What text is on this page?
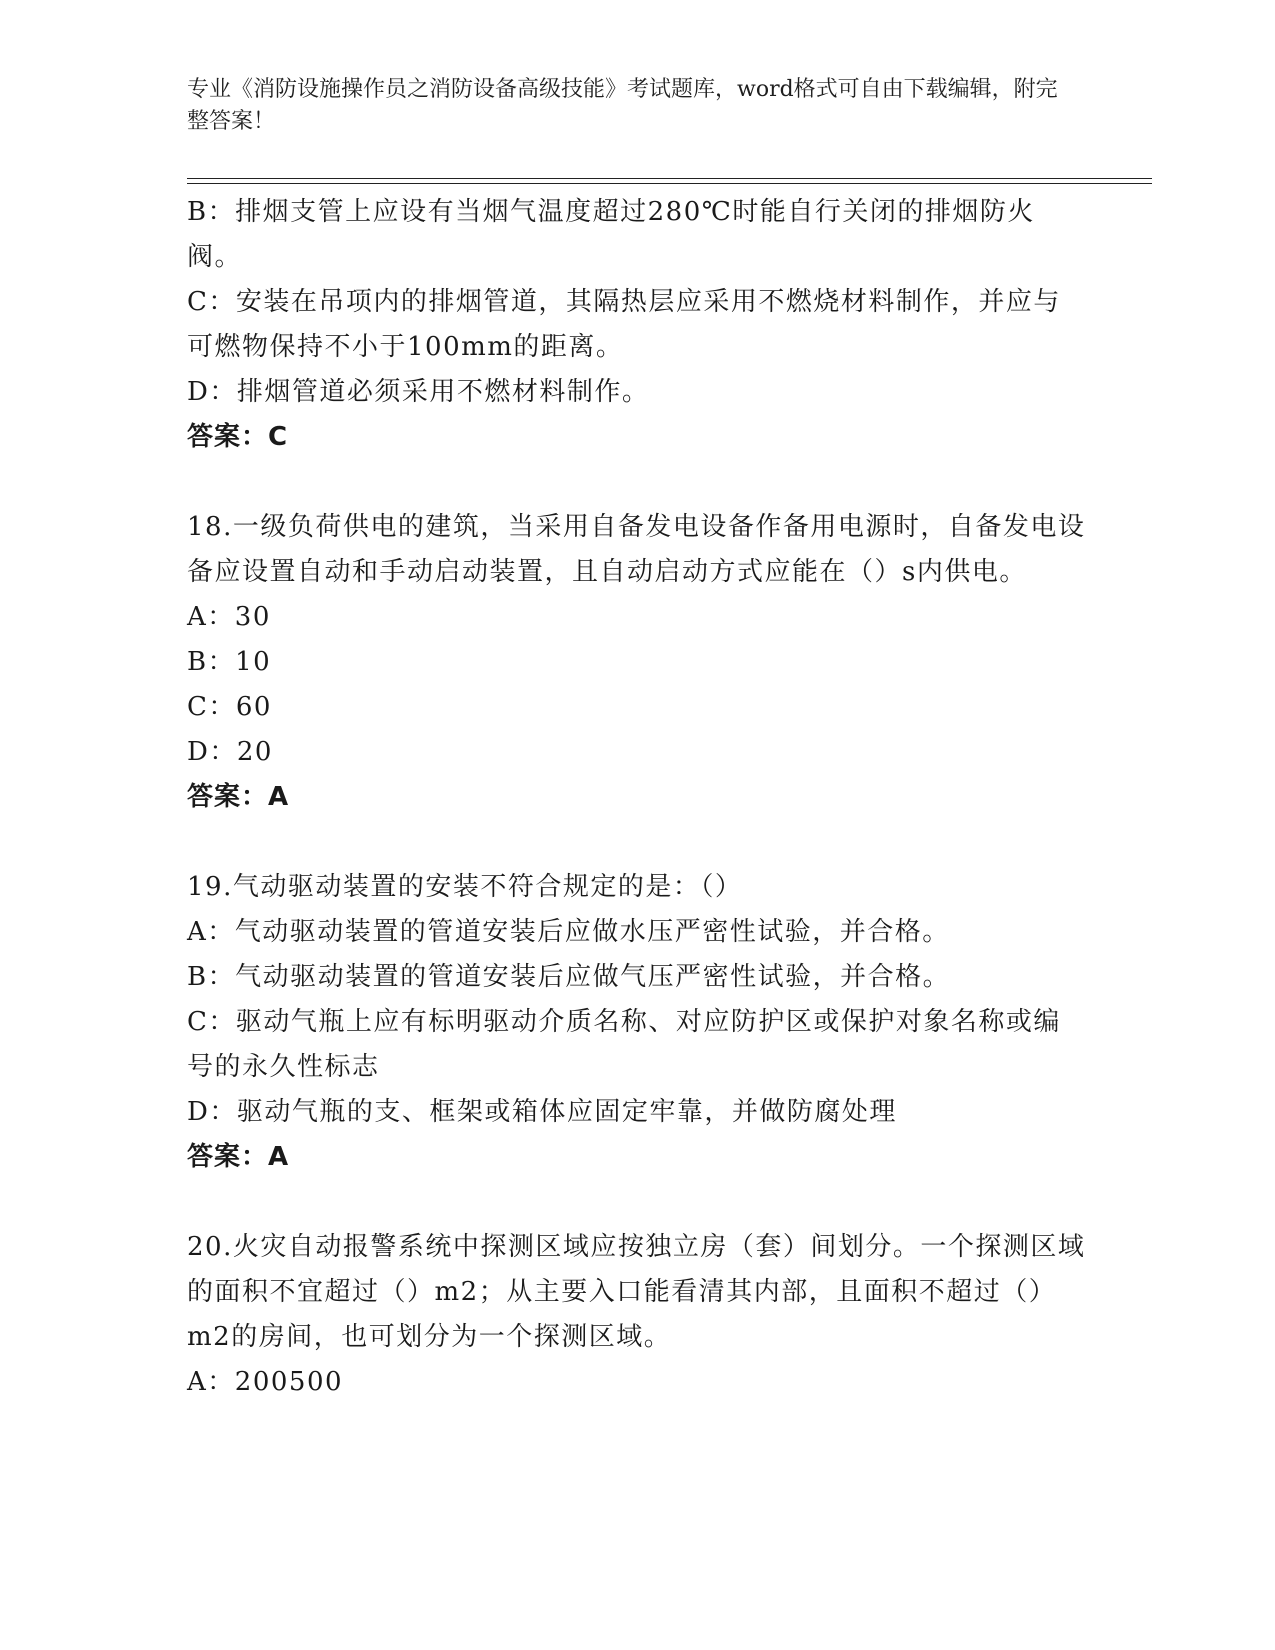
专业《消防设施操作员之消防设备高级技能》考试题库，word格式可自由下载编辑，附完整答案！
B：排烟支管上应设有当烟气温度超过280℃时能自行关闭的排烟防火阀。
C：安装在吊项内的排烟管道，其隔热层应采用不燃烧材料制作，并应与可燃物保持不小于100mm的距离。
D：排烟管道必须采用不燃材料制作。
答案：C
18.一级负荷供电的建筑，当采用自备发电设备作备用电源时，自备发电设备应设置自动和手动启动装置，且自动启动方式应能在（）s内供电。
A：30
B：10
C：60
D：20
答案：A
19.气动驱动装置的安装不符合规定的是：（）
A：气动驱动装置的管道安装后应做水压严密性试验，并合格。
B：气动驱动装置的管道安装后应做气压严密性试验，并合格。
C：驱动气瓶上应有标明驱动介质名称、对应防护区或保护对象名称或编号的永久性标志
D：驱动气瓶的支、框架或箱体应固定牢靠，并做防腐处理
答案：A
20.火灾自动报警系统中探测区域应按独立房（套）间划分。一个探测区域的面积不宜超过（）m2；从主要入口能看清其内部，且面积不超过（）m2的房间，也可划分为一个探测区域。
A：200500
